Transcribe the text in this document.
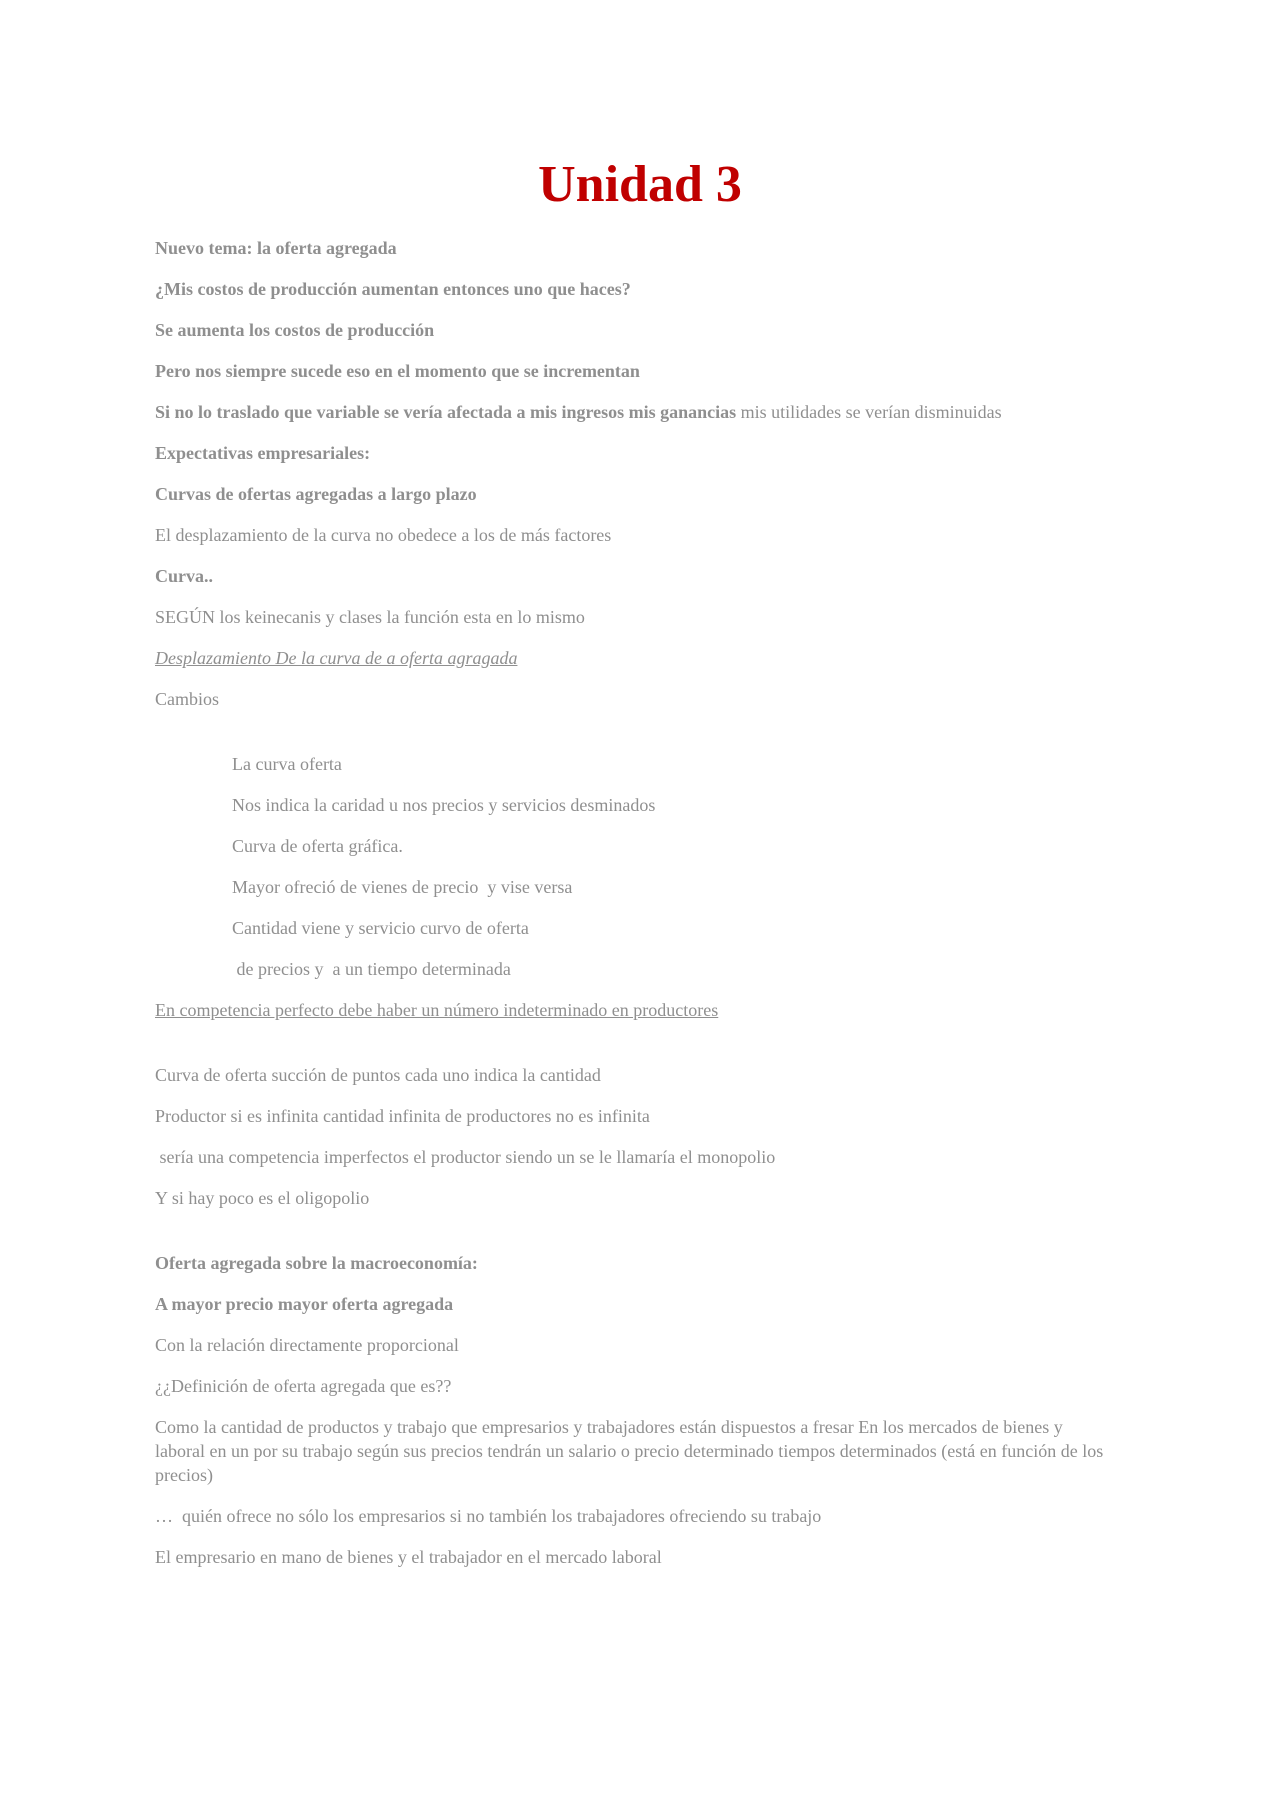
Unidad 3

Nuevo tema: la oferta agregada

¿Mis costos de producción aumentan entonces uno que haces?

Se aumenta los costos de producción

Pero nos siempre sucede eso en el momento que se incrementan

Si no lo traslado que variable se vería afectada a mis ingresos mis ganancias mis utilidades se verían disminuidas

Expectativas empresariales:

Curvas de ofertas agregadas a largo plazo

El desplazamiento de la curva no obedece a los de más factores

Curva..

SEGÚN los keinecanis y clases la función esta en lo mismo

Desplazamiento De la curva de a oferta agragada

Cambios

La curva oferta

Nos indica la caridad u nos precios y servicios desminados

Curva de oferta gráfica.

Mayor ofreció de vienes de precio  y vise versa

Cantidad viene y servicio curvo de oferta

de precios y  a un tiempo determinada

En competencia perfecto debe haber un número indeterminado en productores

Curva de oferta succión de puntos cada uno indica la cantidad

Productor si es infinita cantidad infinita de productores no es infinita

sería una competencia imperfectos el productor siendo un se le llamaría el monopolio

Y si hay poco es el oligopolio

Oferta agregada sobre la macroeconomía:

A mayor precio mayor oferta agregada

Con la relación directamente proporcional

¿¿Definición de oferta agregada que es??

Como la cantidad de productos y trabajo que empresarios y trabajadores están dispuestos a fresar En los mercados de bienes y laboral en un por su trabajo según sus precios tendrán un salario o precio determinado tiempos determinados (está en función de los precios)

…  quién ofrece no sólo los empresarios si no también los trabajadores ofreciendo su trabajo

El empresario en mano de bienes y el trabajador en el mercado laboral
